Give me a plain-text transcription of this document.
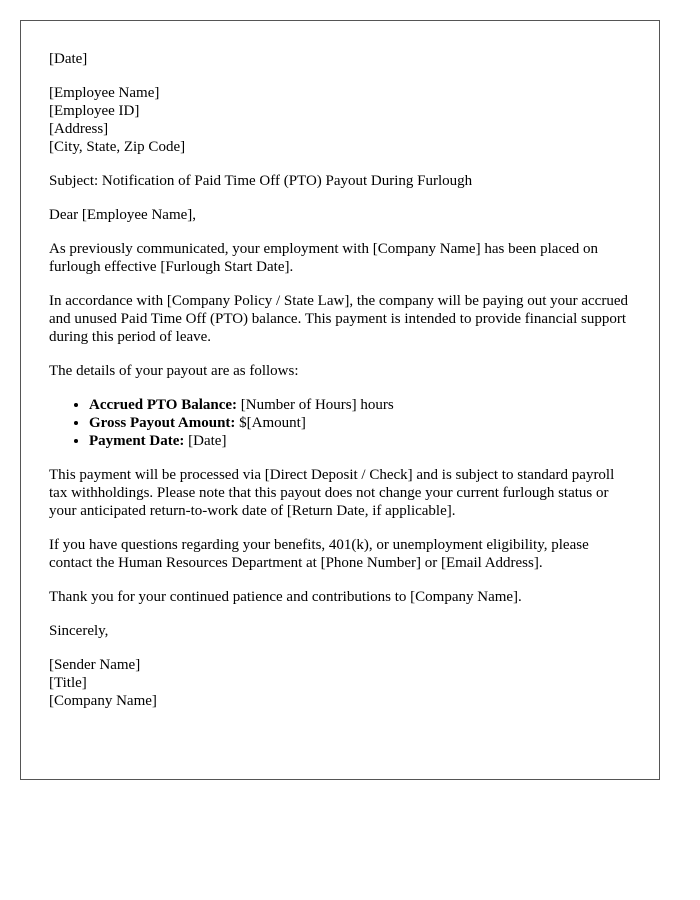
[Date]

[Employee Name]
[Employee ID]
[Address]
[City, State, Zip Code]

Subject: Notification of Paid Time Off (PTO) Payout During Furlough

Dear [Employee Name],

As previously communicated, your employment with [Company Name] has been placed on furlough effective [Furlough Start Date].

In accordance with [Company Policy / State Law], the company will be paying out your accrued and unused Paid Time Off (PTO) balance. This payment is intended to provide financial support during this period of leave.

The details of your payout are as follows:

• Accrued PTO Balance: [Number of Hours] hours
• Gross Payout Amount: $[Amount]
• Payment Date: [Date]

This payment will be processed via [Direct Deposit / Check] and is subject to standard payroll tax withholdings. Please note that this payout does not change your current furlough status or your anticipated return-to-work date of [Return Date, if applicable].

If you have questions regarding your benefits, 401(k), or unemployment eligibility, please contact the Human Resources Department at [Phone Number] or [Email Address].

Thank you for your continued patience and contributions to [Company Name].

Sincerely,

[Sender Name]
[Title]
[Company Name]
